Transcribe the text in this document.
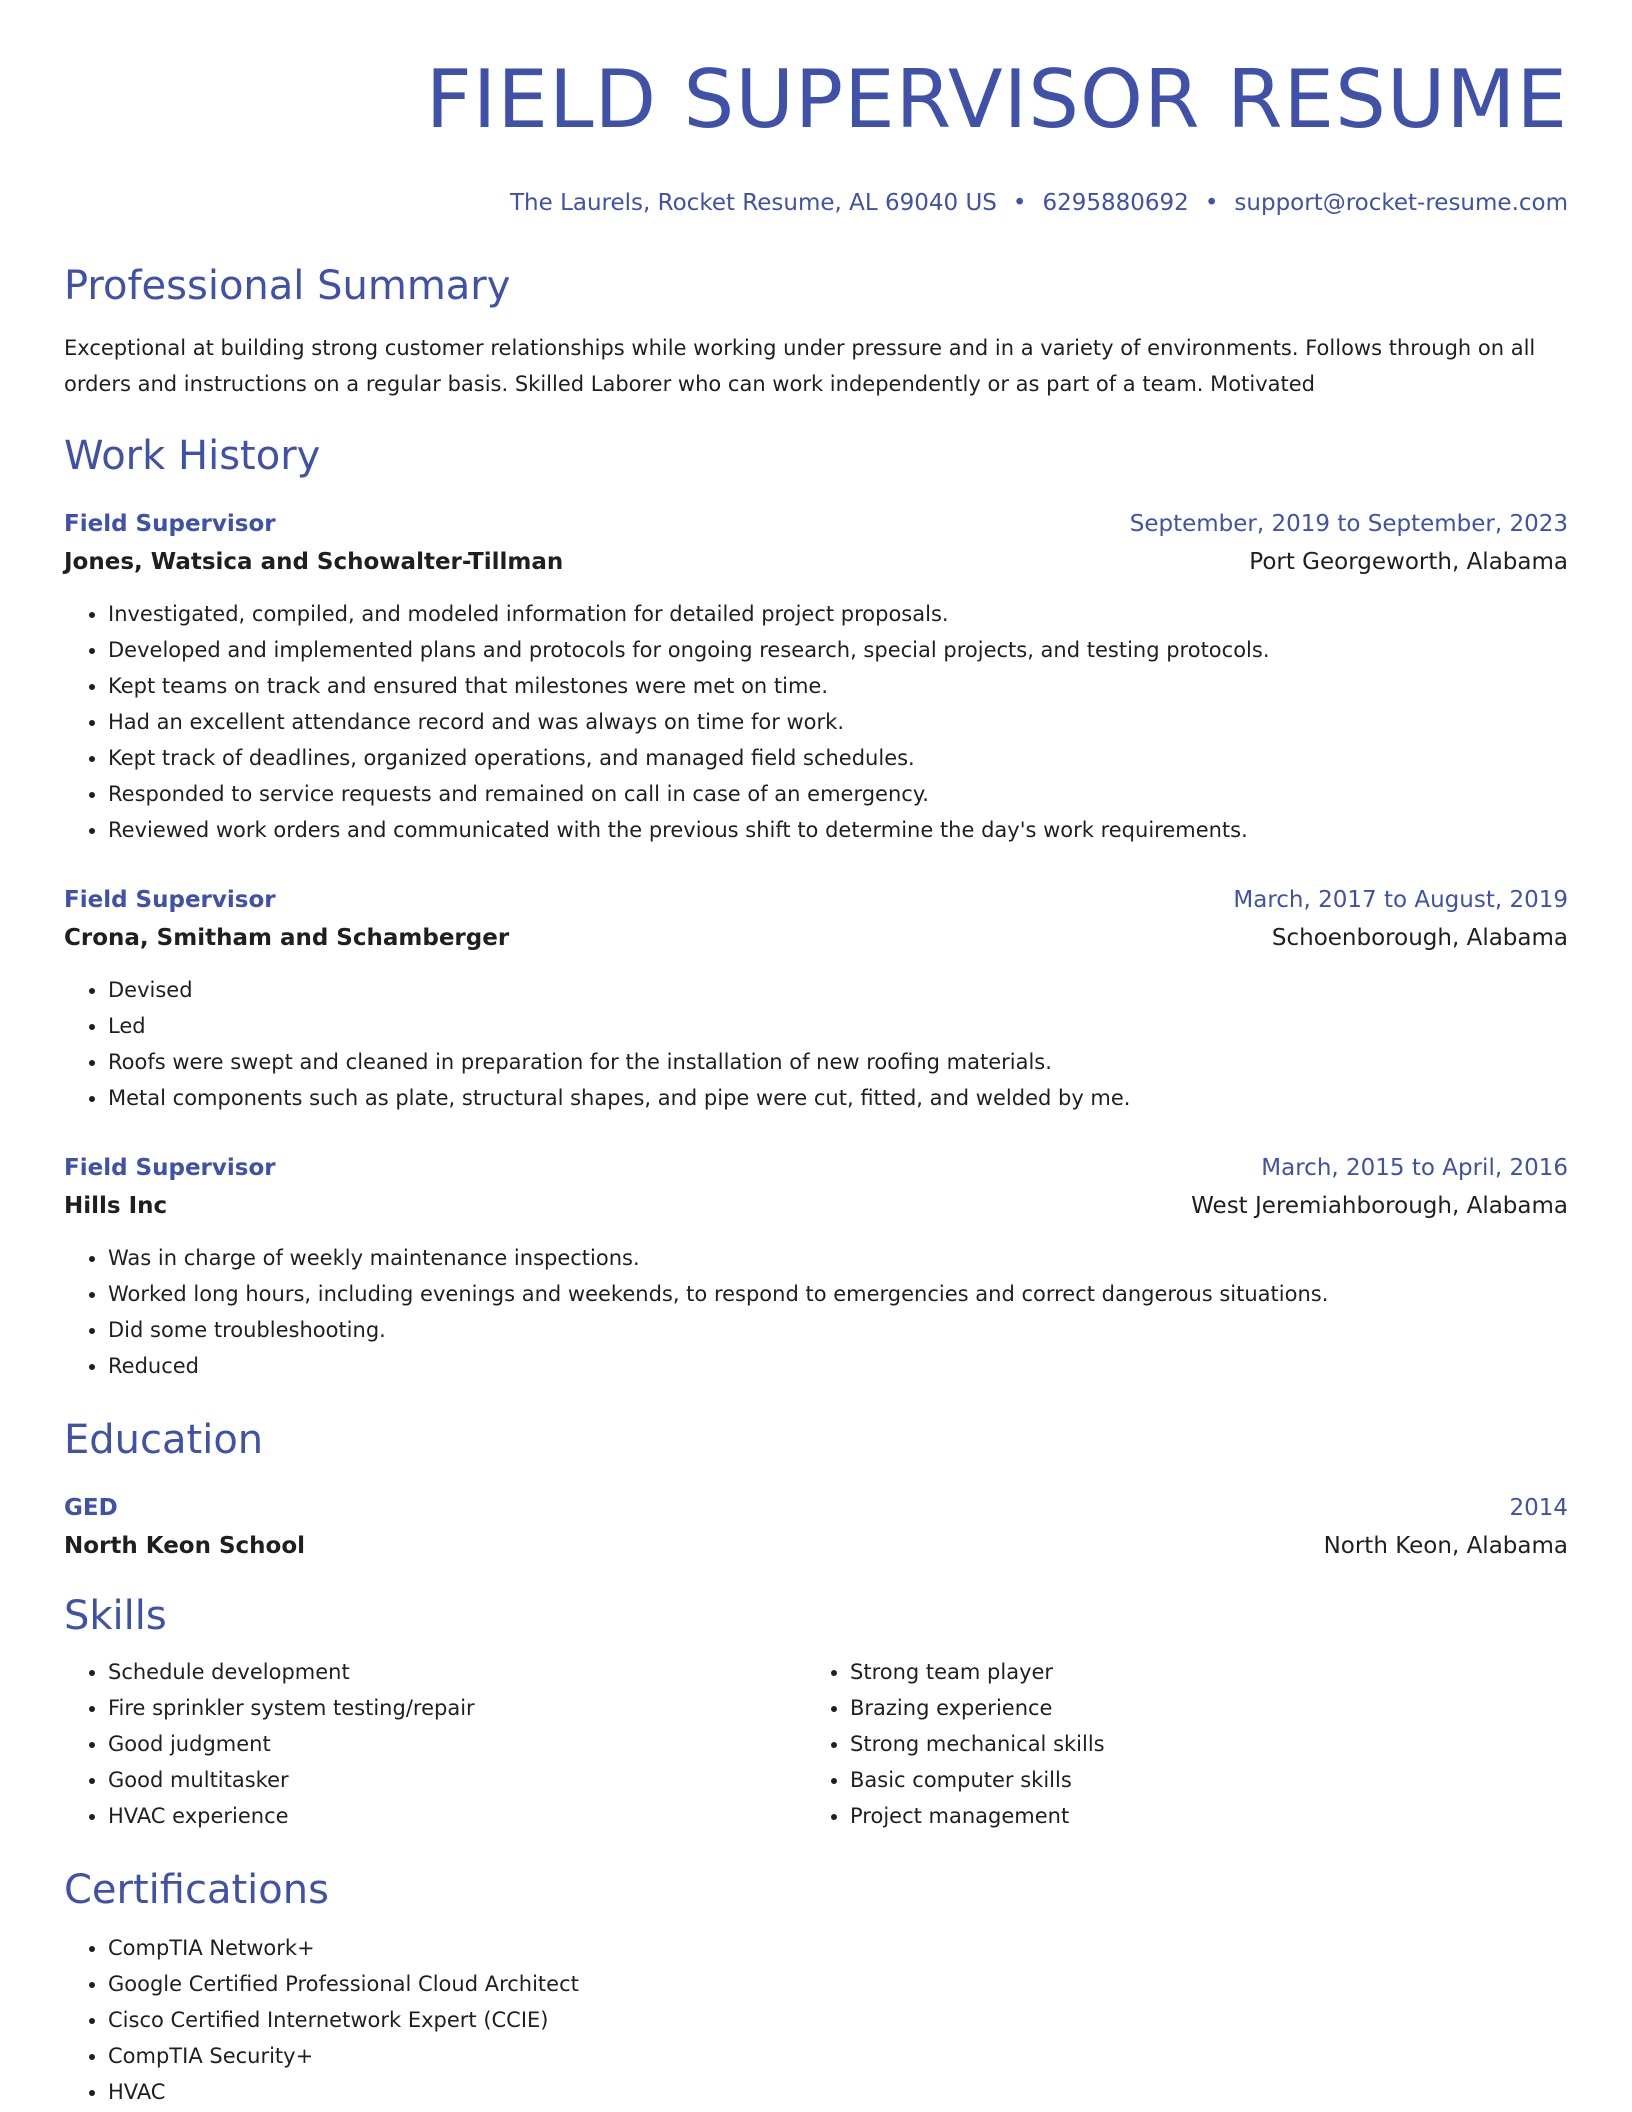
FIELD SUPERVISOR RESUME
The Laurels, Rocket Resume, AL 69040 US • 6295880692 • support@rocket-resume.com
Professional Summary
Exceptional at building strong customer relationships while working under pressure and in a variety of environments. Follows through on all orders and instructions on a regular basis. Skilled Laborer who can work independently or as part of a team. Motivated
Work History
Field Supervisor	September, 2019 to September, 2023
Jones, Watsica and Schowalter-Tillman	Port Georgeworth, Alabama
• Investigated, compiled, and modeled information for detailed project proposals.
• Developed and implemented plans and protocols for ongoing research, special projects, and testing protocols.
• Kept teams on track and ensured that milestones were met on time.
• Had an excellent attendance record and was always on time for work.
• Kept track of deadlines, organized operations, and managed field schedules.
• Responded to service requests and remained on call in case of an emergency.
• Reviewed work orders and communicated with the previous shift to determine the day's work requirements.
Field Supervisor	March, 2017 to August, 2019
Crona, Smitham and Schamberger	Schoenborough, Alabama
• Devised
• Led
• Roofs were swept and cleaned in preparation for the installation of new roofing materials.
• Metal components such as plate, structural shapes, and pipe were cut, fitted, and welded by me.
Field Supervisor	March, 2015 to April, 2016
Hills Inc	West Jeremiahborough, Alabama
• Was in charge of weekly maintenance inspections.
• Worked long hours, including evenings and weekends, to respond to emergencies and correct dangerous situations.
• Did some troubleshooting.
• Reduced
Education
GED	2014
North Keon School	North Keon, Alabama
Skills
• Schedule development
• Fire sprinkler system testing/repair
• Good judgment
• Good multitasker
• HVAC experience
• Strong team player
• Brazing experience
• Strong mechanical skills
• Basic computer skills
• Project management
Certifications
• CompTIA Network+
• Google Certified Professional Cloud Architect
• Cisco Certified Internetwork Expert (CCIE)
• CompTIA Security+
• HVAC
